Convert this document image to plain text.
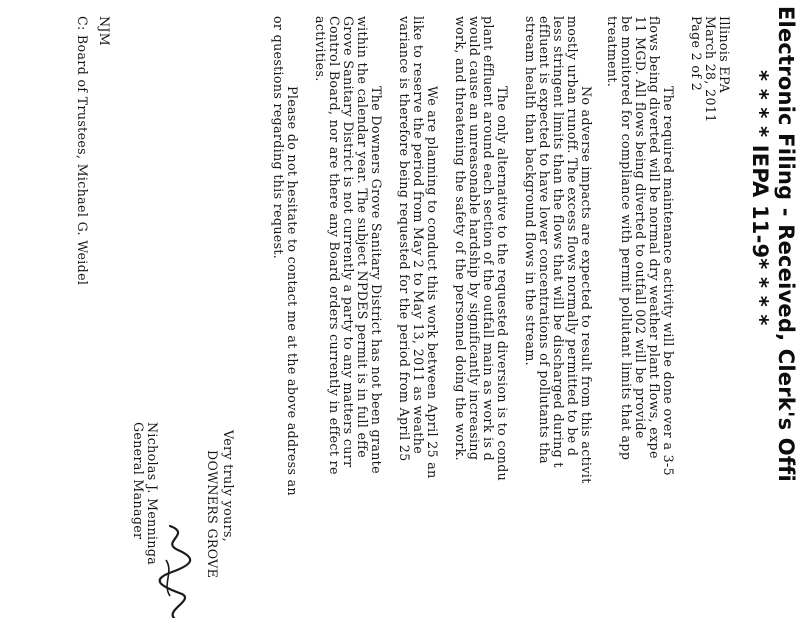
Electronic Filing - Received, Clerk's Offi
* * * * IEPA 11-9* * * *
Illinois EPA
March 28, 2011
Page 2 of 2
The required maintenance activity will be done over a 3-5
flows being diverted will be normal dry weather plant flows, expe
11 MGD. All flows being diverted to outfall 002 will be provide
be monitored for compliance with permit pollutant limits that app
treatment.
No adverse impacts are expected to result from this activit
mostly urban runoff. The excess flows normally permitted to be d
less stringent limits than the flows that will be discharged during t
effluent is expected to have lower concentrations of pollutants tha
stream health than background flows in the stream.
The only alternative to the requested diversion is to condu
plant effluent around each section of the outfall main as work is d
would cause an unreasonable hardship by significantly increasing
work, and threatening the safety of the personnel doing the work.
We are planning to conduct this work between April 25 an
like to reserve the period from May 2 to May 13, 2011 as weathe
variance is therefore being requested for the period from April 25
The Downers Grove Sanitary District has not been grante
within the calendar year. The subject NPDES permit is in full effe
Grove Sanitary District is not currently a party to any matters curr
Control Board, nor are there any Board orders currently in effect re
activities.
Please do not hesitate to contact me at the above address an
or questions regarding this request.
Very truly yours,
DOWNERS GROVE
Nicholas J. Menningа
General Manager
NJM
C: Board of Trustees, Michael G. Weidel
